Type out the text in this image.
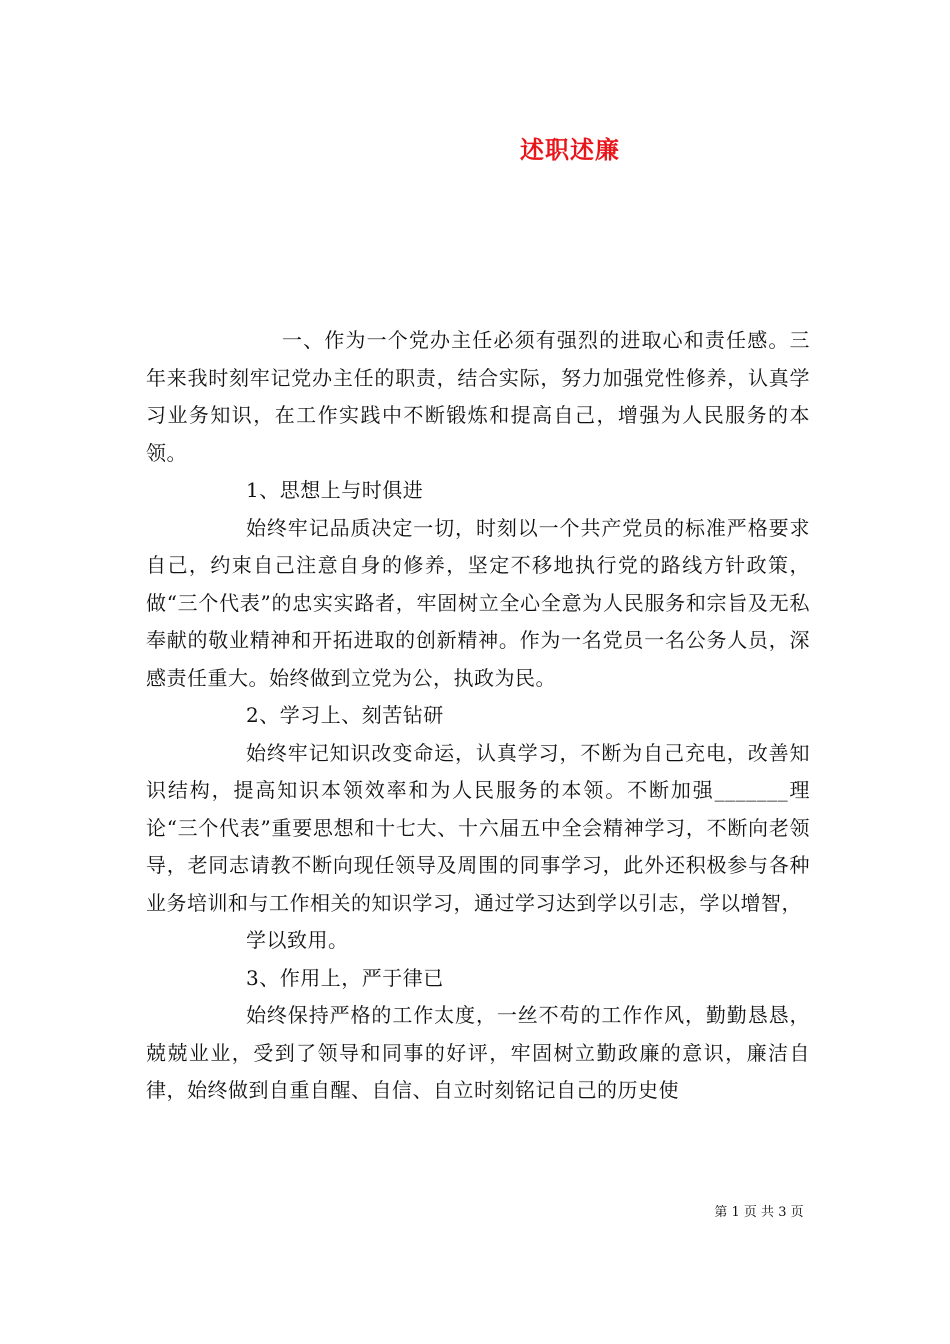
述职述廉

一、作为一个党办主任必须有强烈的进取心和责任感。三年来我时刻牢记党办主任的职责，结合实际，努力加强党性修养，认真学习业务知识，在工作实践中不断锻炼和提高自己，增强为人民服务的本领。

1、思想上与时俱进

始终牢记品质决定一切，时刻以一个共产党员的标准严格要求自己，约束自己注意自身的修养，坚定不移地执行党的路线方针政策，做“三个代表”的忠实实路者，牢固树立全心全意为人民服务和宗旨及无私奉献的敬业精神和开拓进取的创新精神。作为一名党员一名公务人员，深感责任重大。始终做到立党为公，执政为民。

2、学习上、刻苦钻研

始终牢记知识改变命运，认真学习，不断为自己充电，改善知识结构，提高知识本领效率和为人民服务的本领。不断加强_______理论“三个代表”重要思想和十七大、十六届五中全会精神学习，不断向老领导，老同志请教不断向现任领导及周围的同事学习，此外还积极参与各种业务培训和与工作相关的知识学习，通过学习达到学以引志，学以增智，

学以致用。

3、作用上，严于律已

始终保持严格的工作太度，一丝不苟的工作作风，勤勤恳恳，兢兢业业，受到了领导和同事的好评，牢固树立勤政廉的意识，廉洁自律，始终做到自重自醒、自信、自立时刻铭记自己的历史使

第 1 页 共 3 页
